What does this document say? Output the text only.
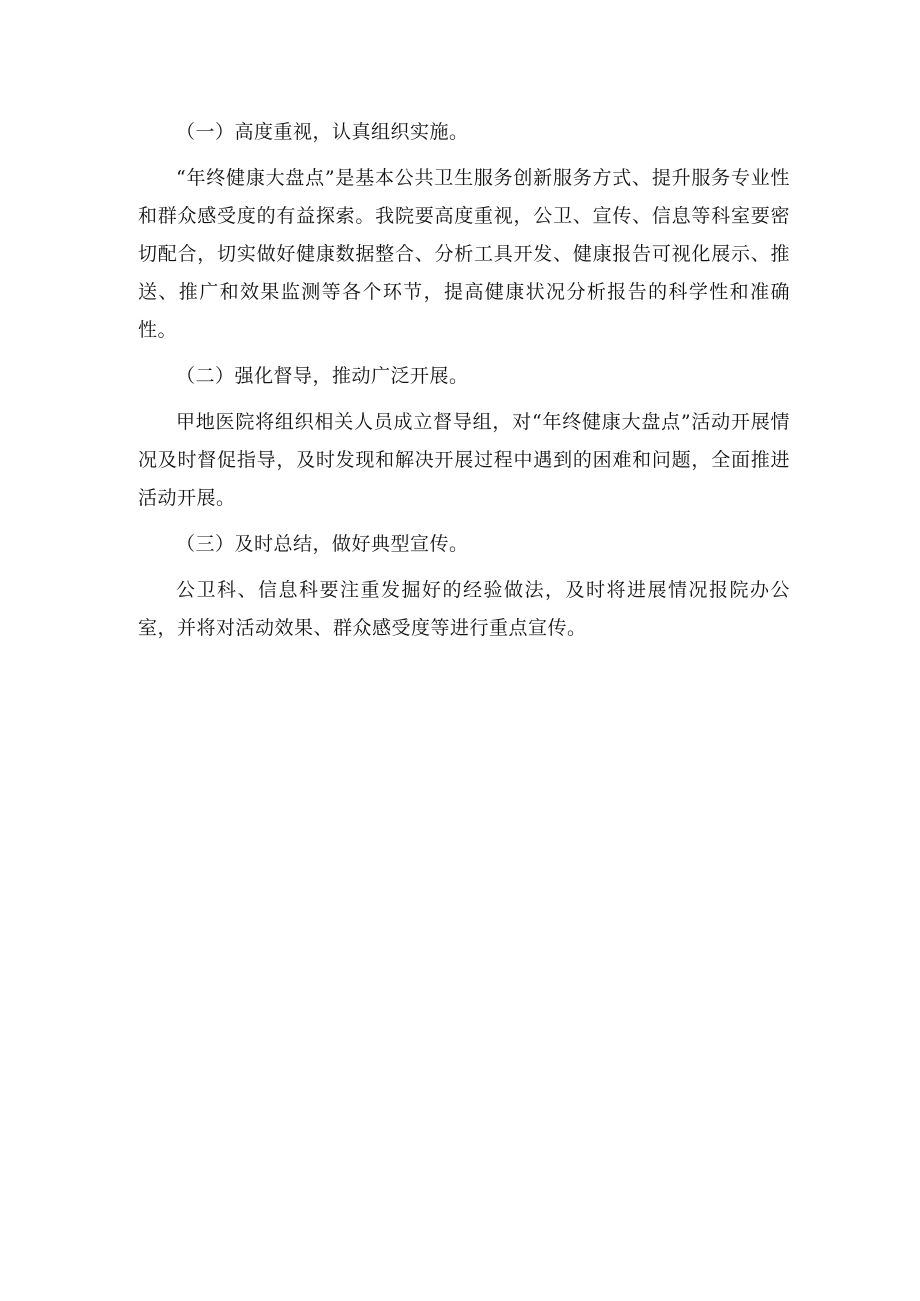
（一）高度重视，认真组织实施。

“年终健康大盘点”是基本公共卫生服务创新服务方式、提升服务专业性和群众感受度的有益探索。我院要高度重视，公卫、宣传、信息等科室要密切配合，切实做好健康数据整合、分析工具开发、健康报告可视化展示、推送、推广和效果监测等各个环节，提高健康状况分析报告的科学性和准确性。

（二）强化督导，推动广泛开展。

甲地医院将组织相关人员成立督导组，对“年终健康大盘点”活动开展情况及时督促指导，及时发现和解决开展过程中遇到的困难和问题，全面推进活动开展。

（三）及时总结，做好典型宣传。

公卫科、信息科要注重发掘好的经验做法，及时将进展情况报院办公室，并将对活动效果、群众感受度等进行重点宣传。
